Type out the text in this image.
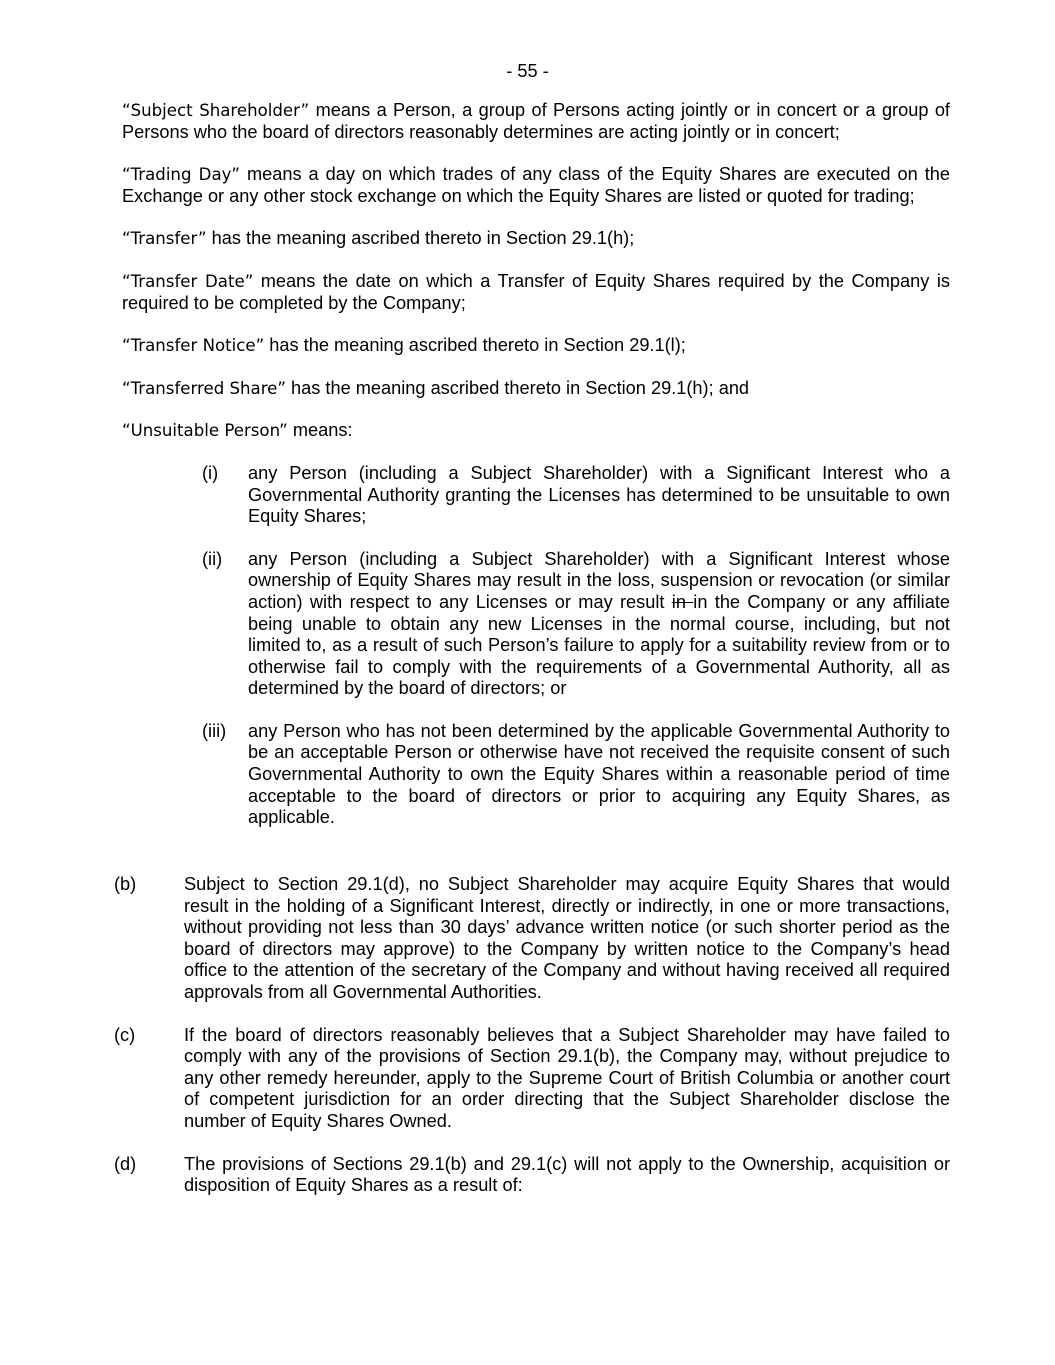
- 55 -

“Subject Shareholder” means a Person, a group of Persons acting jointly or in concert or a group of Persons who the board of directors reasonably determines are acting jointly or in concert;

“Trading Day” means a day on which trades of any class of the Equity Shares are executed on the Exchange or any other stock exchange on which the Equity Shares are listed or quoted for trading;

“Transfer” has the meaning ascribed thereto in Section 29.1(h);

“Transfer Date” means the date on which a Transfer of Equity Shares required by the Company is required to be completed by the Company;

“Transfer Notice” has the meaning ascribed thereto in Section 29.1(l);

“Transferred Share” has the meaning ascribed thereto in Section 29.1(h); and

“Unsuitable Person” means:

(i) any Person (including a Subject Shareholder) with a Significant Interest who a Governmental Authority granting the Licenses has determined to be unsuitable to own Equity Shares;
(ii) any Person (including a Subject Shareholder) with a Significant Interest whose ownership of Equity Shares may result in the loss, suspension or revocation (or similar action) with respect to any Licenses or may result in in the Company or any affiliate being unable to obtain any new Licenses in the normal course, including, but not limited to, as a result of such Person’s failure to apply for a suitability review from or to otherwise fail to comply with the requirements of a Governmental Authority, all as determined by the board of directors; or
(iii) any Person who has not been determined by the applicable Governmental Authority to be an acceptable Person or otherwise have not received the requisite consent of such Governmental Authority to own the Equity Shares within a reasonable period of time acceptable to the board of directors or prior to acquiring any Equity Shares, as applicable.
(b)	Subject to Section 29.1(d), no Subject Shareholder may acquire Equity Shares that would result in the holding of a Significant Interest, directly or indirectly, in one or more transactions, without providing not less than 30 days’ advance written notice (or such shorter period as the board of directors may approve) to the Company by written notice to the Company’s head office to the attention of the secretary of the Company and without having received all required approvals from all Governmental Authorities.
(c)	If the board of directors reasonably believes that a Subject Shareholder may have failed to comply with any of the provisions of Section 29.1(b), the Company may, without prejudice to any other remedy hereunder, apply to the Supreme Court of British Columbia or another court of competent jurisdiction for an order directing that the Subject Shareholder disclose the number of Equity Shares Owned.
(d)	The provisions of Sections 29.1(b) and 29.1(c) will not apply to the Ownership, acquisition or disposition of Equity Shares as a result of:
